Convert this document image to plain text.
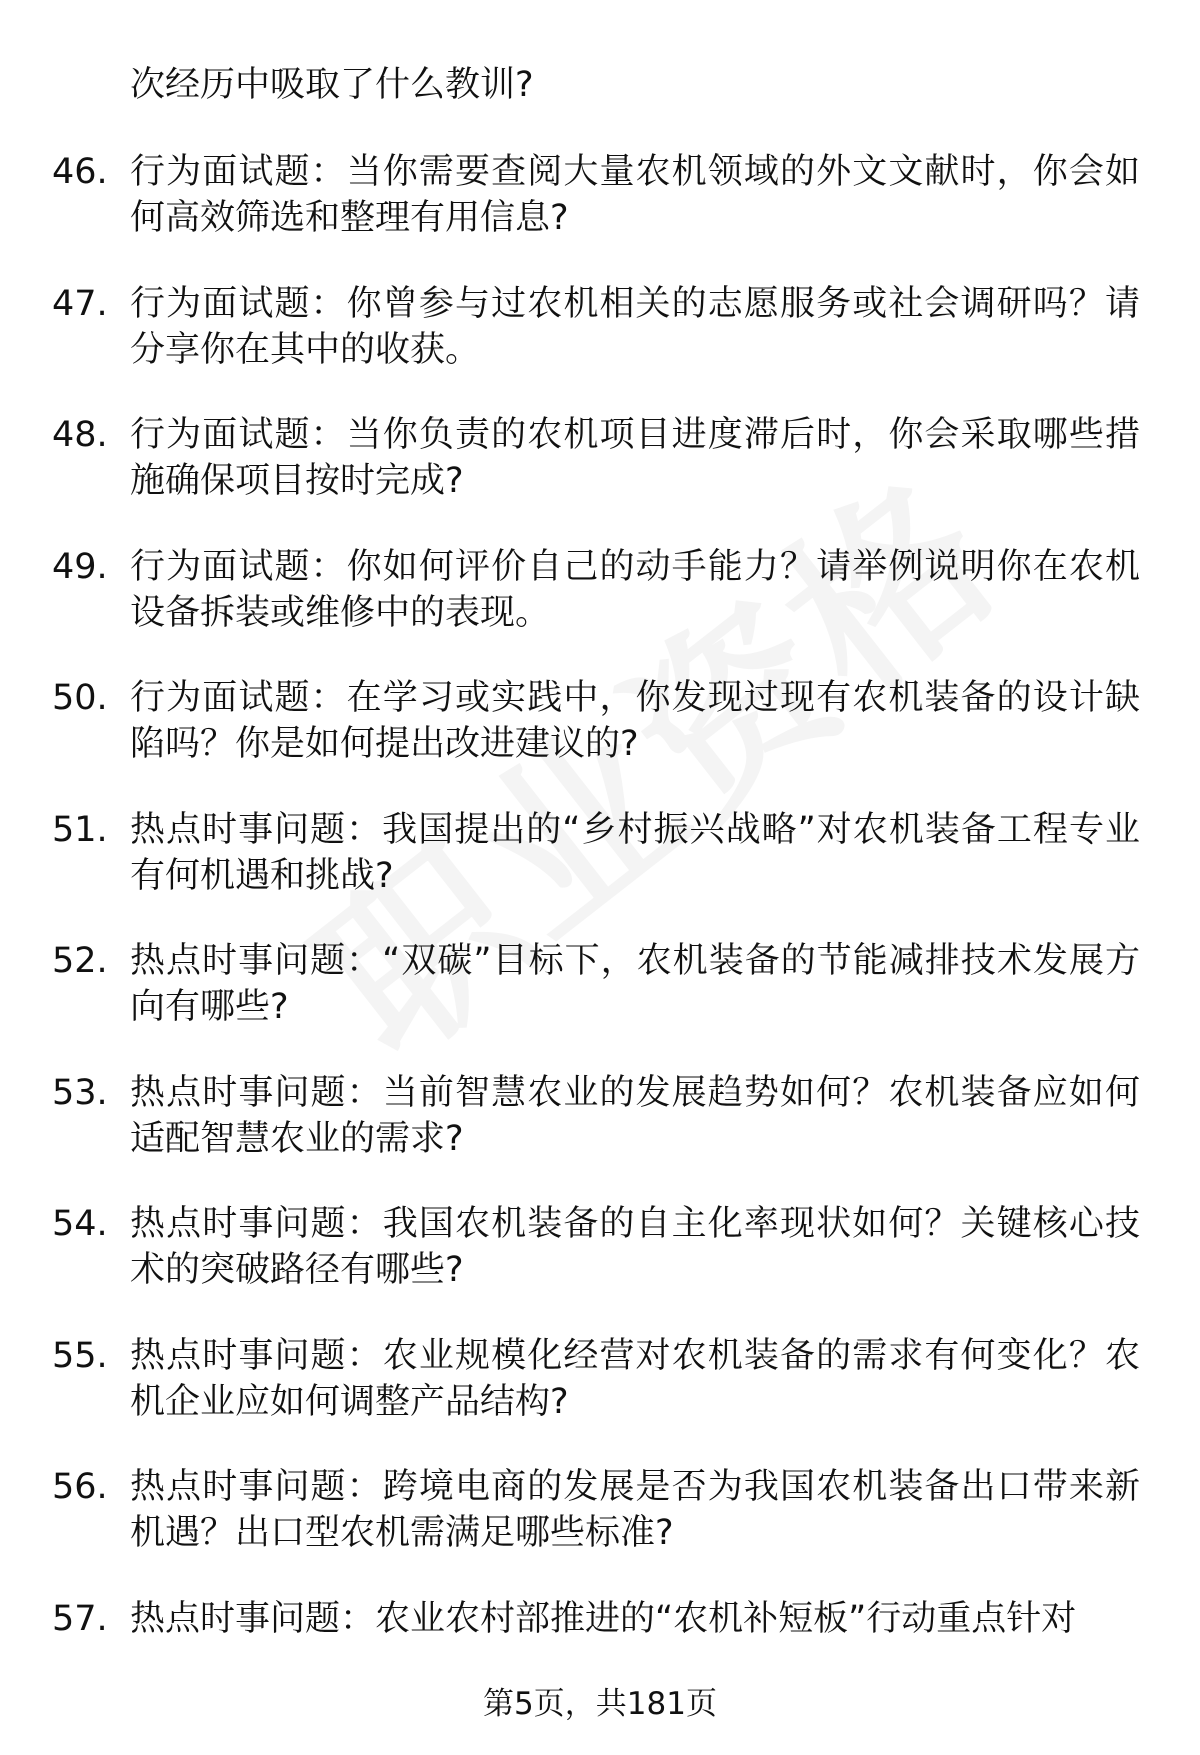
次经历中吸取了什么教训?

46. 行为面试题：当你需要查阅大量农机领域的外文文献时，你会如何高效筛选和整理有用信息?
47. 行为面试题：你曾参与过农机相关的志愿服务或社会调研吗？请分享你在其中的收获。
48. 行为面试题：当你负责的农机项目进度滞后时，你会采取哪些措施确保项目按时完成?
49. 行为面试题：你如何评价自己的动手能力？请举例说明你在农机设备拆装或维修中的表现。
50. 行为面试题：在学习或实践中，你发现过现有农机装备的设计缺陷吗？你是如何提出改进建议的?
51. 热点时事问题：我国提出的“乡村振兴战略”对农机装备工程专业有何机遇和挑战?
52. 热点时事问题：“双碳”目标下，农机装备的节能减排技术发展方向有哪些?
53. 热点时事问题：当前智慧农业的发展趋势如何？农机装备应如何适配智慧农业的需求?
54. 热点时事问题：我国农机装备的自主化率现状如何？关键核心技术的突破路径有哪些?
55. 热点时事问题：农业规模化经营对农机装备的需求有何变化？农机企业应如何调整产品结构?
56. 热点时事问题：跨境电商的发展是否为我国农机装备出口带来新机遇？出口型农机需满足哪些标准?
57. 热点时事问题：农业农村部推进的“农机补短板”行动重点针对
第5页，共181页
